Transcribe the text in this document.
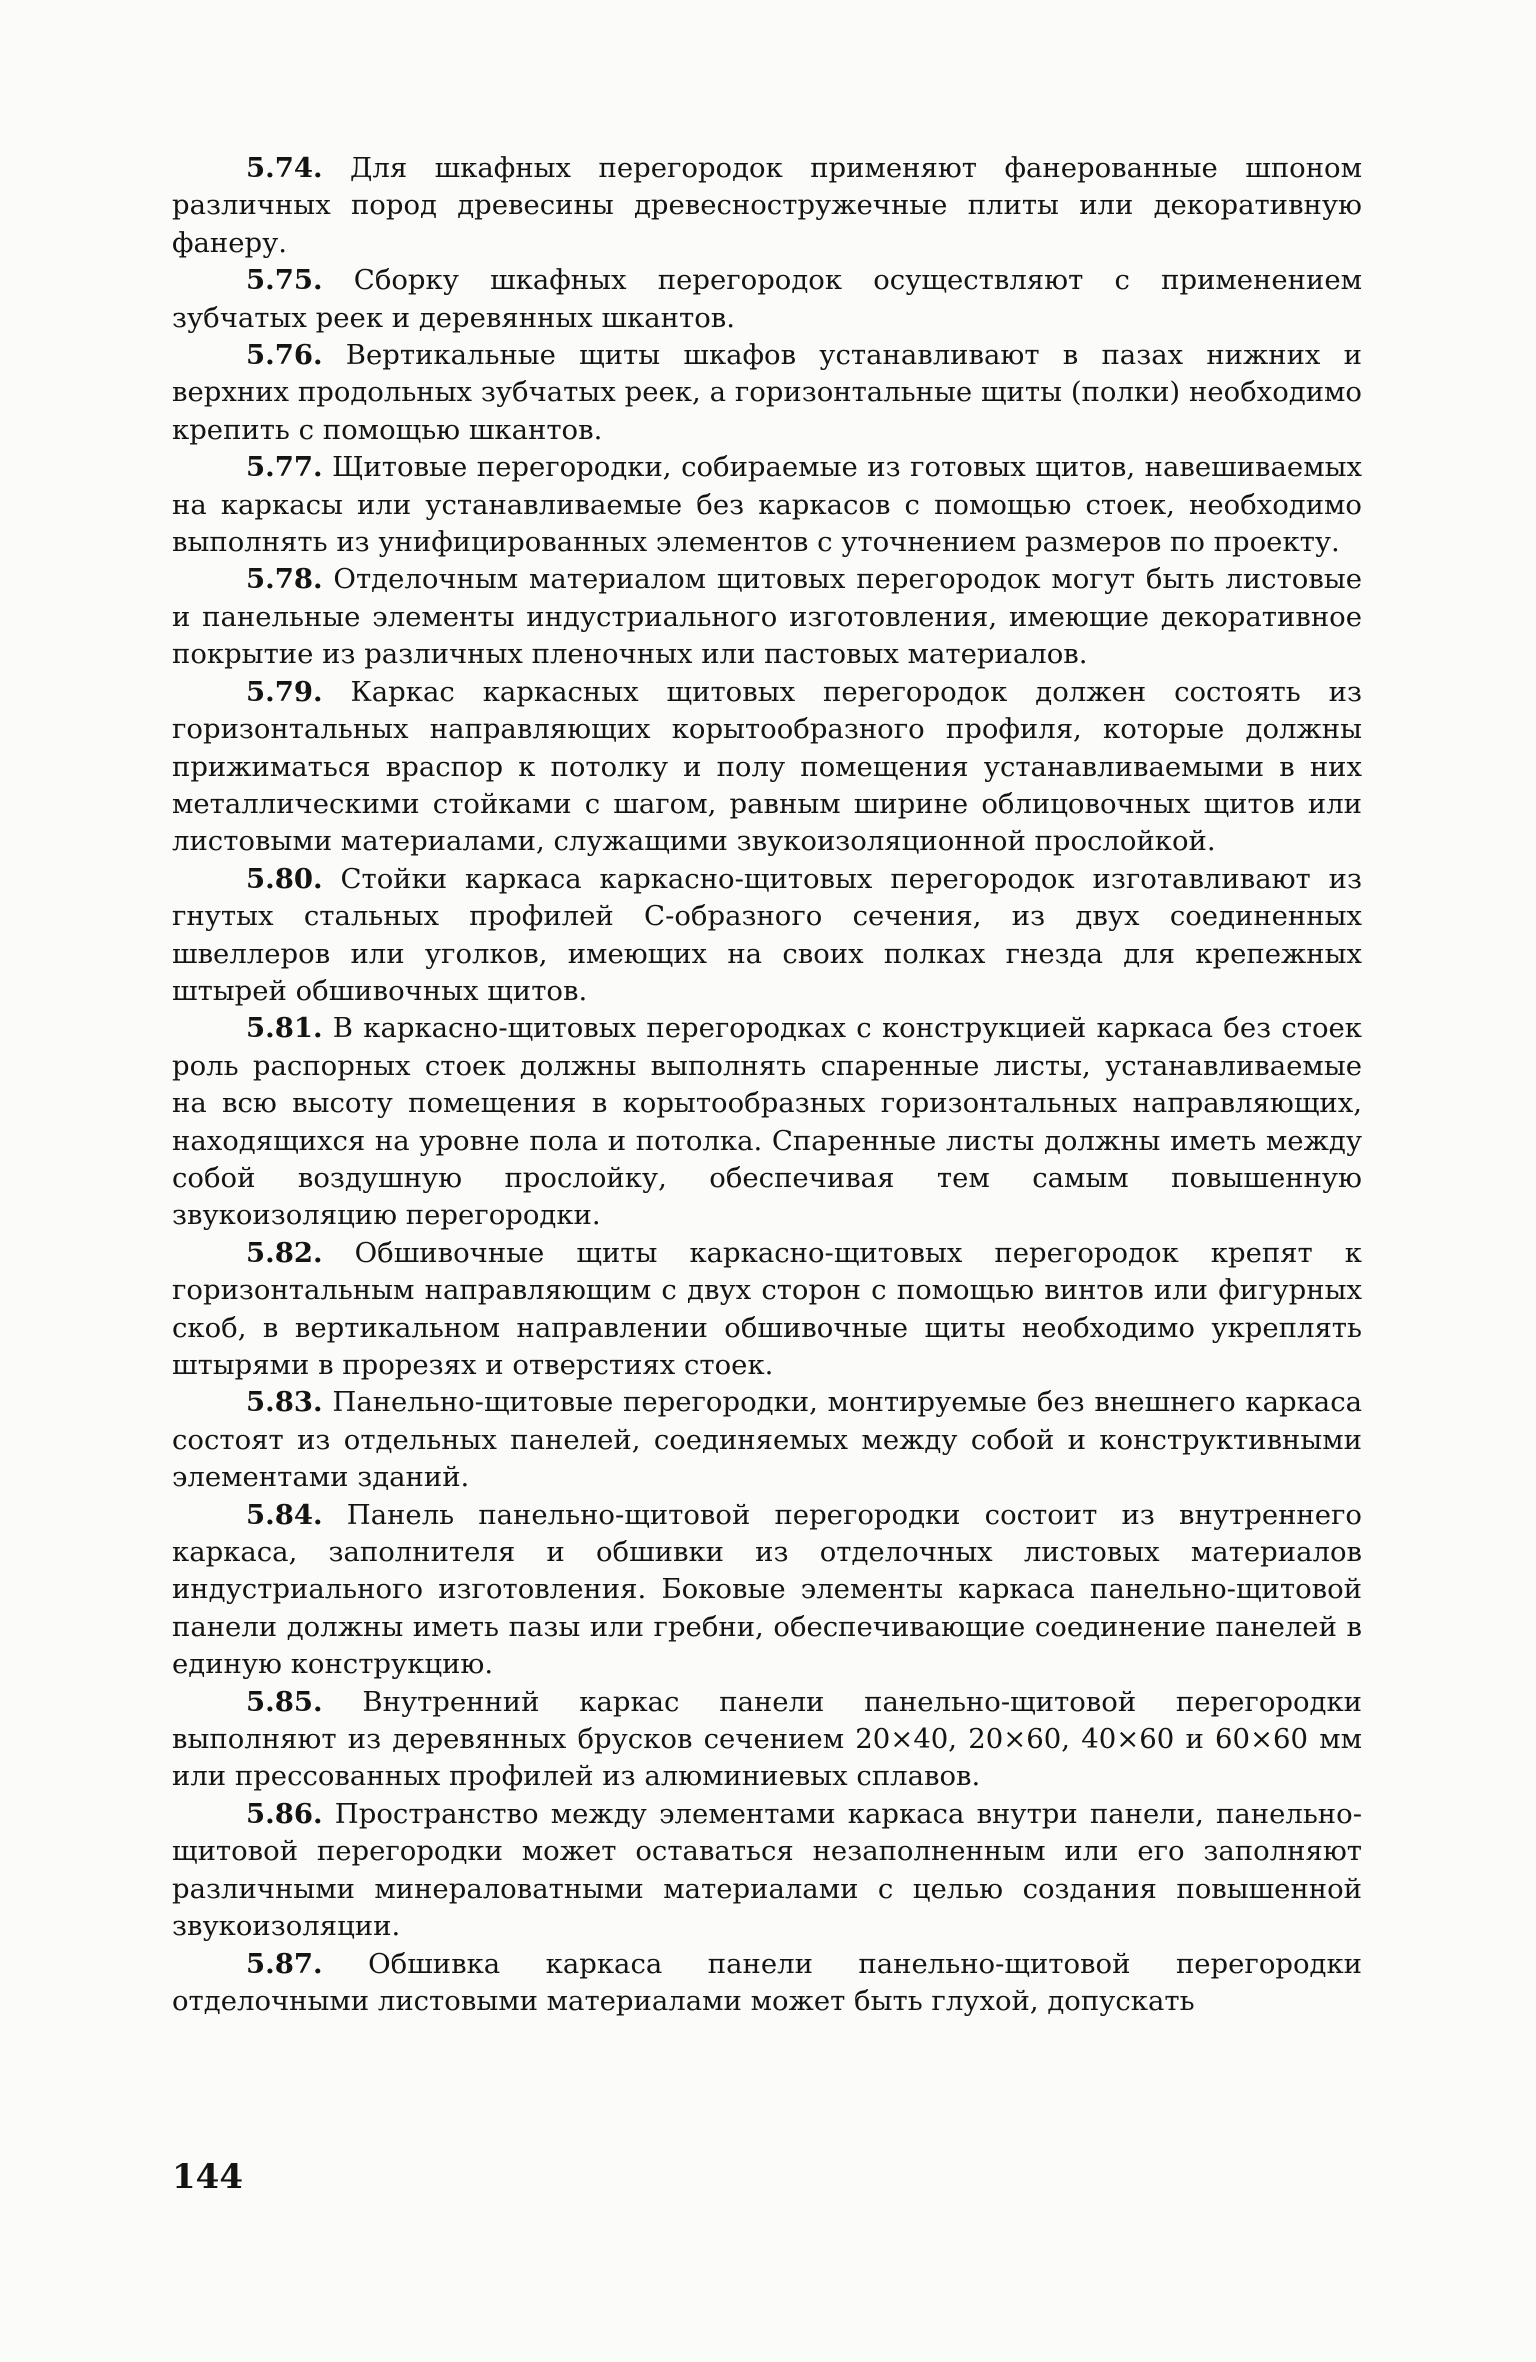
5.74. Для шкафных перегородок применяют фанерованные шпоном различных пород древесины древесностружечные плиты или декоративную фанеру.

5.75. Сборку шкафных перегородок осуществляют с применением зубчатых реек и деревянных шкантов.

5.76. Вертикальные щиты шкафов устанавливают в пазах нижних и верхних продольных зубчатых реек, а горизонтальные щиты (полки) необходимо крепить с помощью шкантов.

5.77. Щитовые перегородки, собираемые из готовых щитов, навешиваемых на каркасы или устанавливаемые без каркасов с помощью стоек, необходимо выполнять из унифицированных элементов с уточнением размеров по проекту.

5.78. Отделочным материалом щитовых перегородок могут быть листовые и панельные элементы индустриального изготовления, имеющие декоративное покрытие из различных пленочных или пастовых материалов.

5.79. Каркас каркасных щитовых перегородок должен состоять из горизонтальных направляющих корытообразного профиля, которые должны прижиматься враспор к потолку и полу помещения устанавливаемыми в них металлическими стойками с шагом, равным ширине облицовочных щитов или листовыми материалами, служащими звукоизоляционной прослойкой.

5.80. Стойки каркаса каркасно-щитовых перегородок изготавливают из гнутых стальных профилей С-образного сечения, из двух соединенных швеллеров или уголков, имеющих на своих полках гнезда для крепежных штырей обшивочных щитов.

5.81. В каркасно-щитовых перегородках с конструкцией каркаса без стоек роль распорных стоек должны выполнять спаренные листы, устанавливаемые на всю высоту помещения в корытообразных горизонтальных направляющих, находящихся на уровне пола и потолка. Спаренные листы должны иметь между собой воздушную прослойку, обеспечивая тем самым повышенную звукоизоляцию перегородки.

5.82. Обшивочные щиты каркасно-щитовых перегородок крепят к горизонтальным направляющим с двух сторон с помощью винтов или фигурных скоб, в вертикальном направлении обшивочные щиты необходимо укреплять штырями в прорезях и отверстиях стоек.

5.83. Панельно-щитовые перегородки, монтируемые без внешнего каркаса состоят из отдельных панелей, соединяемых между собой и конструктивными элементами зданий.

5.84. Панель панельно-щитовой перегородки состоит из внутреннего каркаса, заполнителя и обшивки из отделочных листовых материалов индустриального изготовления. Боковые элементы каркаса панельно-щитовой панели должны иметь пазы или гребни, обеспечивающие соединение панелей в единую конструкцию.

5.85. Внутренний каркас панели панельно-щитовой перегородки выполняют из деревянных брусков сечением 20×40, 20×60, 40×60 и 60×60 мм или прессованных профилей из алюминиевых сплавов.

5.86. Пространство между элементами каркаса внутри панели, панельно-щитовой перегородки может оставаться незаполненным или его заполняют различными минераловатными материалами с целью создания повышенной звукоизоляции.

5.87. Обшивка каркаса панели панельно-щитовой перегородки отделочными листовыми материалами может быть глухой, допускать

144
